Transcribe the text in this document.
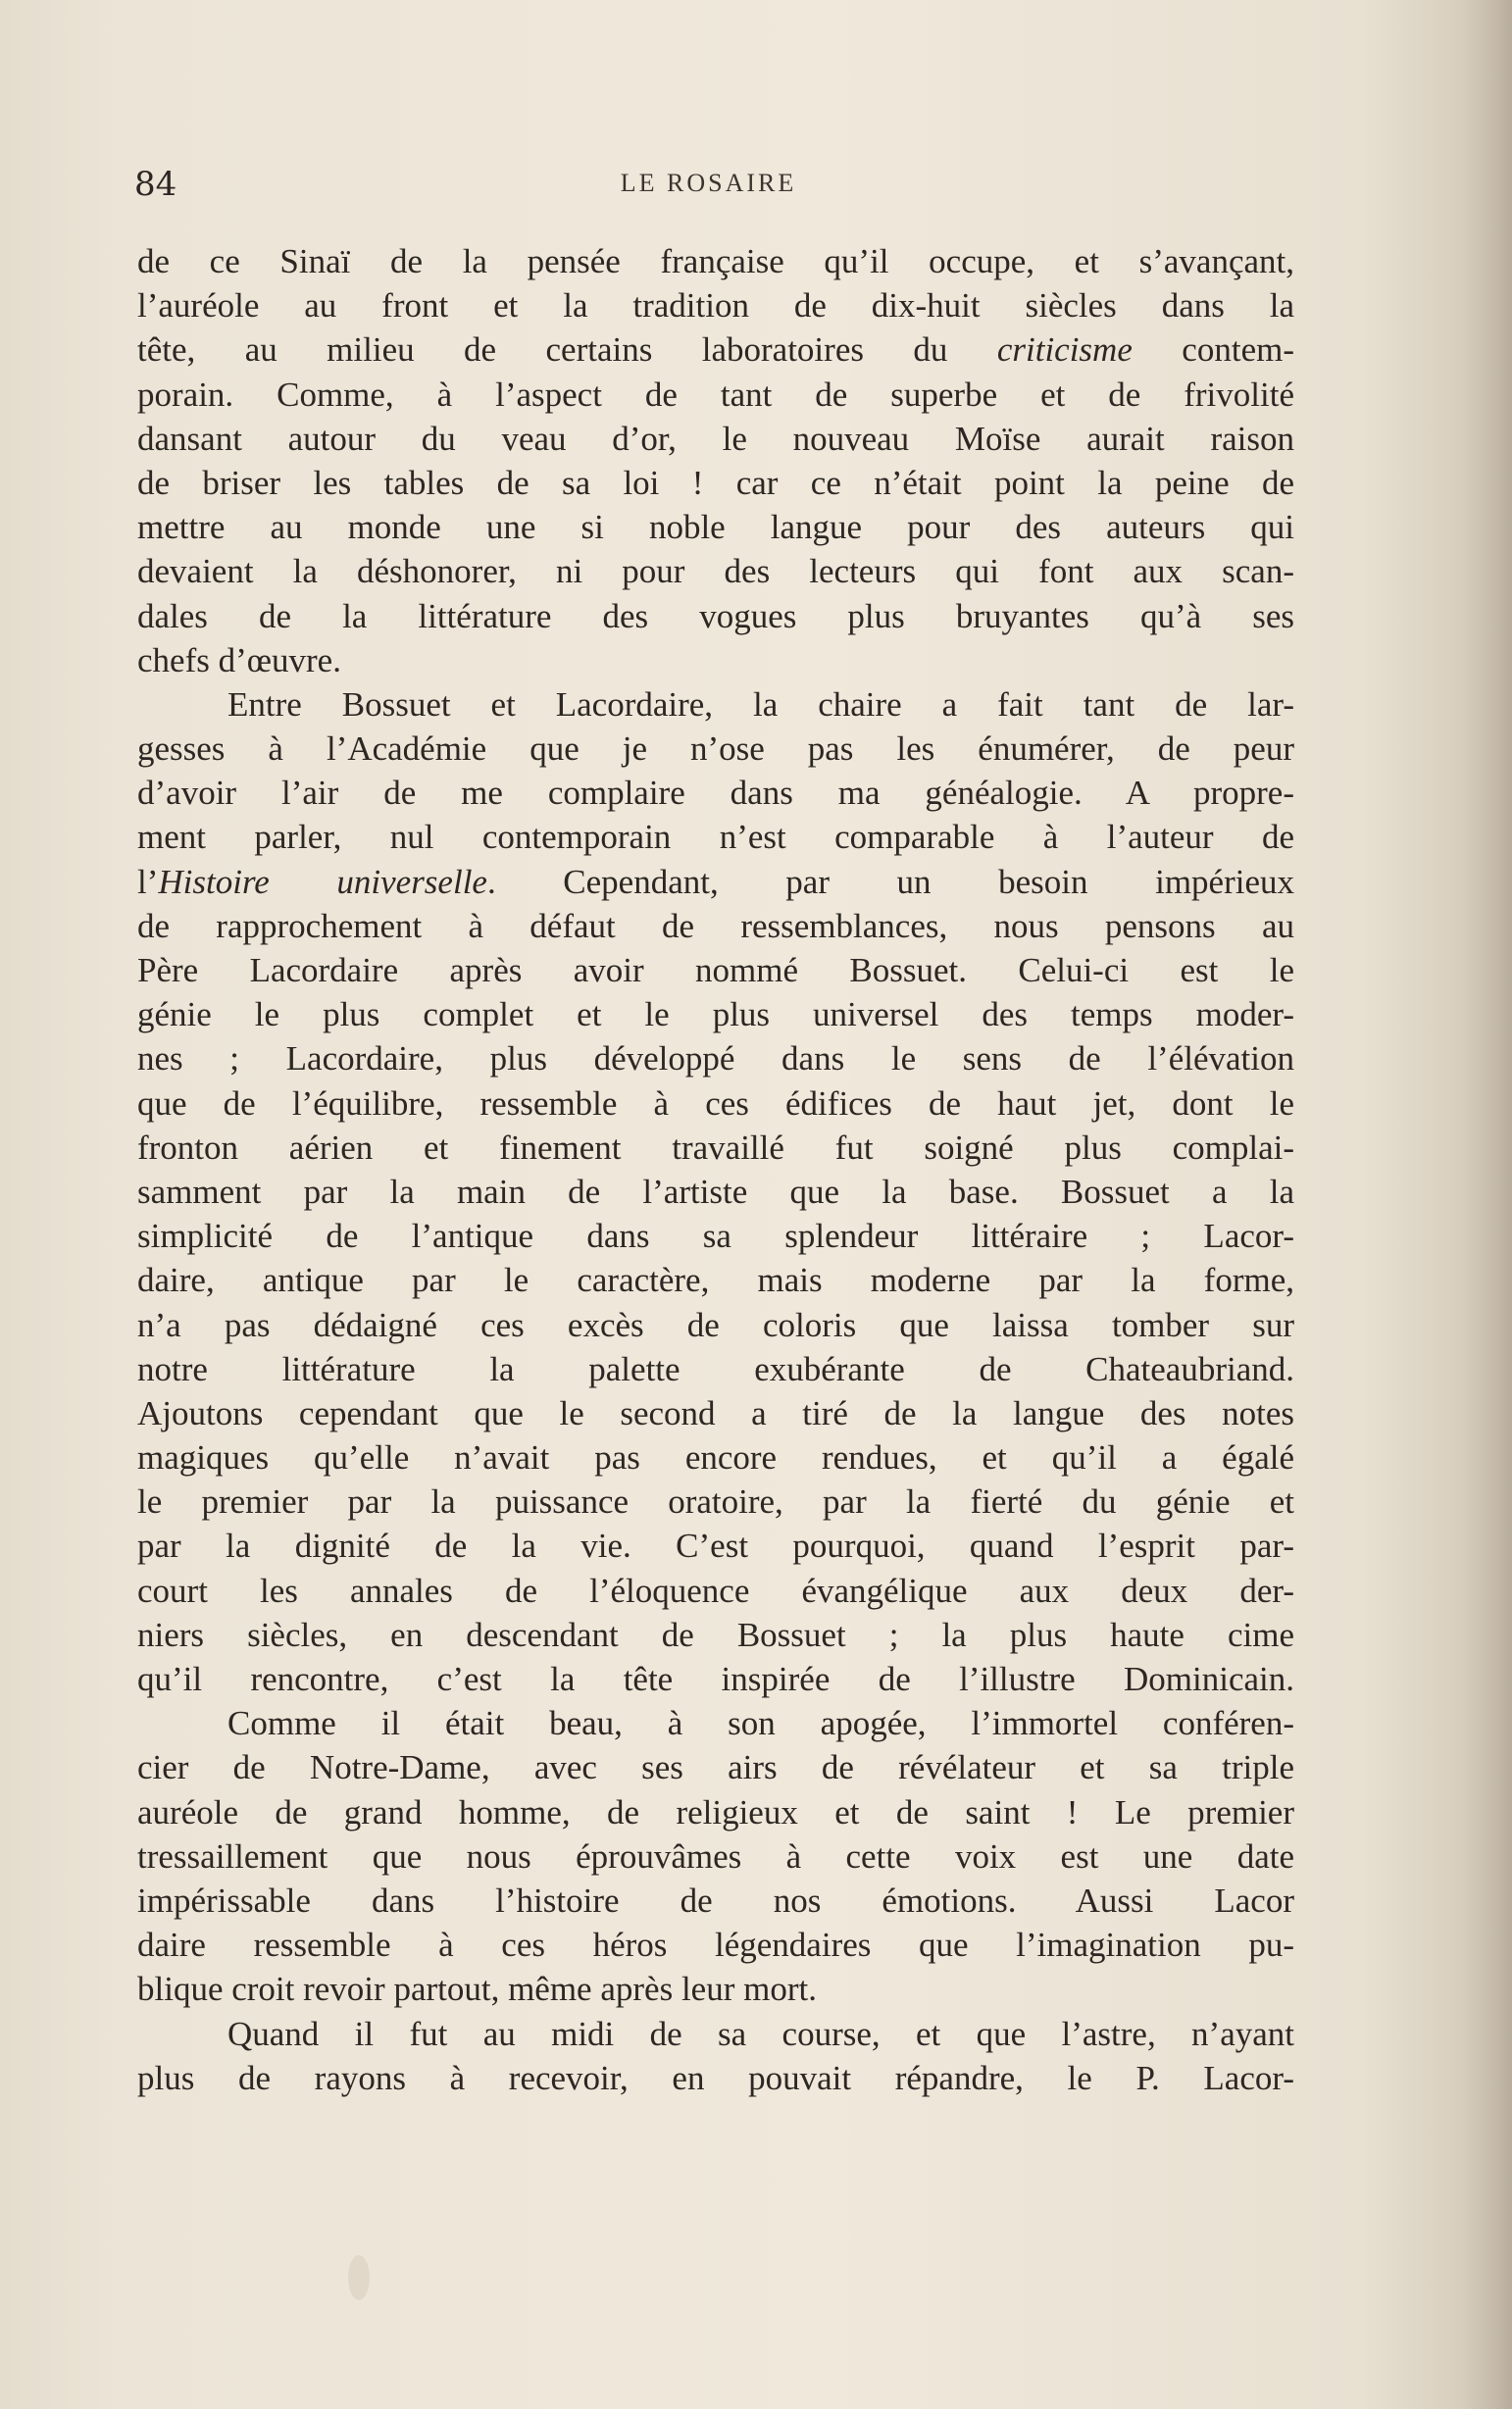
84	LE ROSAIRE
de ce Sinaï de la pensée française qu’il occupe, et s’avançant,
l’auréole au front et la tradition de dix-huit siècles dans la
tête, au milieu de certains laboratoires du criticisme contem-
porain. Comme, à l’aspect de tant de superbe et de frivolité
dansant autour du veau d’or, le nouveau Moïse aurait raison
de briser les tables de sa loi ! car ce n’était point la peine de
mettre au monde une si noble langue pour des auteurs qui
devaient la déshonorer, ni pour des lecteurs qui font aux scan-
dales de la littérature des vogues plus bruyantes qu’à ses
chefs d’œuvre.
Entre Bossuet et Lacordaire, la chaire a fait tant de lar-
gesses à l’Académie que je n’ose pas les énumérer, de peur
d’avoir l’air de me complaire dans ma généalogie. A propre-
ment parler, nul contemporain n’est comparable à l’auteur de
l’Histoire universelle. Cependant, par un besoin impérieux
de rapprochement à défaut de ressemblances, nous pensons au
Père Lacordaire après avoir nommé Bossuet. Celui-ci est le
génie le plus complet et le plus universel des temps moder-
nes ; Lacordaire, plus développé dans le sens de l’élévation
que de l’équilibre, ressemble à ces édifices de haut jet, dont le
fronton aérien et finement travaillé fut soigné plus complai-
samment par la main de l’artiste que la base. Bossuet a la
simplicité de l’antique dans sa splendeur littéraire ; Lacor-
daire, antique par le caractère, mais moderne par la forme,
n’a pas dédaigné ces excès de coloris que laissa tomber sur
notre littérature la palette exubérante de Chateaubriand.
Ajoutons cependant que le second a tiré de la langue des notes
magiques qu’elle n’avait pas encore rendues, et qu’il a égalé
le premier par la puissance oratoire, par la fierté du génie et
par la dignité de la vie. C’est pourquoi, quand l’esprit par-
court les annales de l’éloquence évangélique aux deux der-
niers siècles, en descendant de Bossuet ; la plus haute cime
qu’il rencontre, c’est la tête inspirée de l’illustre Dominicain.
Comme il était beau, à son apogée, l’immortel conféren-
cier de Notre-Dame, avec ses airs de révélateur et sa triple
auréole de grand homme, de religieux et de saint ! Le premier
tressaillement que nous éprouvâmes à cette voix est une date
impérissable dans l’histoire de nos émotions. Aussi Lacor
daire ressemble à ces héros légendaires que l’imagination pu-
blique croit revoir partout, même après leur mort.
Quand il fut au midi de sa course, et que l’astre, n’ayant
plus de rayons à recevoir, en pouvait répandre, le P. Lacor-
